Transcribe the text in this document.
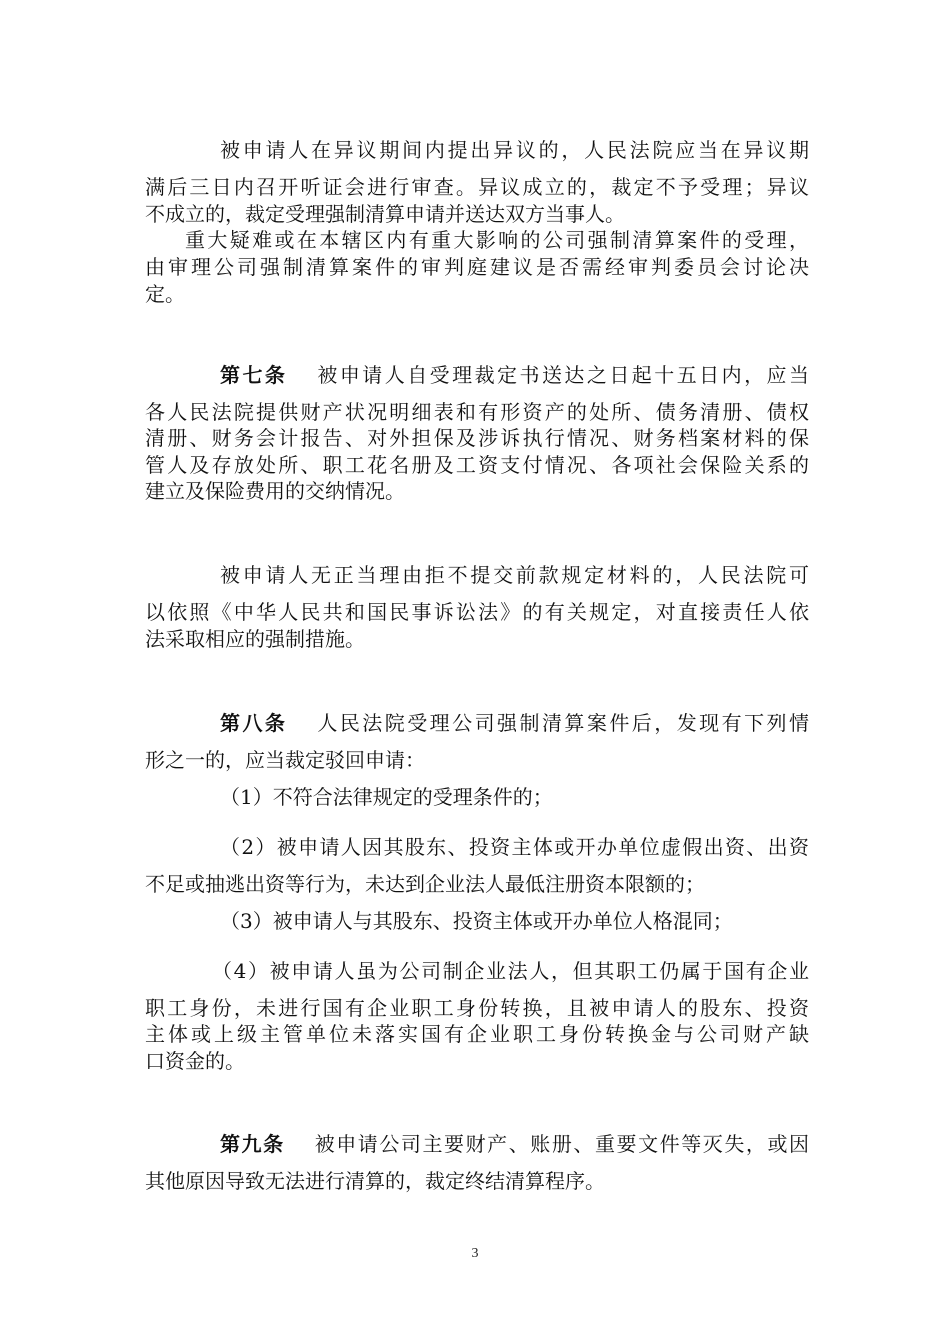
被申请人在异议期间内提出异议的，人民法院应当在异议期
满后三日内召开听证会进行审查。异议成立的，裁定不予受理；异议
不成立的，裁定受理强制清算申请并送达双方当事人。
重大疑难或在本辖区内有重大影响的公司强制清算案件的受理，
由审理公司强制清算案件的审判庭建议是否需经审判委员会讨论决
定。
第七条 被申请人自受理裁定书送达之日起十五日内，应当
各人民法院提供财产状况明细表和有形资产的处所、债务清册、债权
清册、财务会计报告、对外担保及涉诉执行情况、财务档案材料的保
管人及存放处所、职工花名册及工资支付情况、各项社会保险关系的
建立及保险费用的交纳情况。
被申请人无正当理由拒不提交前款规定材料的，人民法院可
以依照《中华人民共和国民事诉讼法》的有关规定，对直接责任人依
法采取相应的强制措施。
第八条 人民法院受理公司强制清算案件后，发现有下列情
形之一的，应当裁定驳回申请：
（1）不符合法律规定的受理条件的；
（2）被申请人因其股东、投资主体或开办单位虚假出资、出资
不足或抽逃出资等行为，未达到企业法人最低注册资本限额的；
（3）被申请人与其股东、投资主体或开办单位人格混同；
（4）被申请人虽为公司制企业法人，但其职工仍属于国有企业
职工身份，未进行国有企业职工身份转换，且被申请人的股东、投资
主体或上级主管单位未落实国有企业职工身份转换金与公司财产缺
口资金的。
第九条 被申请公司主要财产、账册、重要文件等灭失，或因
其他原因导致无法进行清算的，裁定终结清算程序。
3
